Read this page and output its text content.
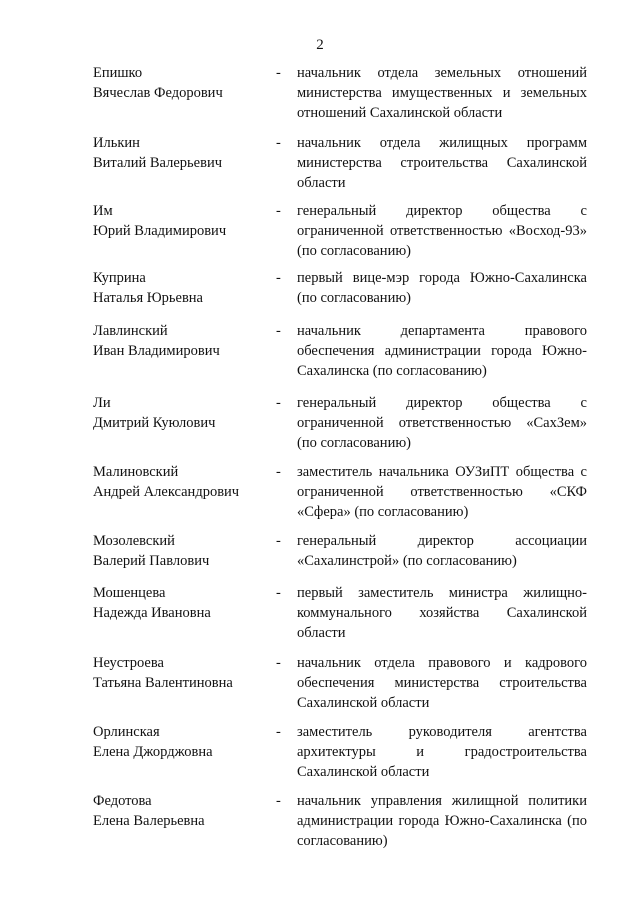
2
Епишко
Вячеслав Федорович
- начальник отдела земельных отношений министерства имущественных и земельных отношений Сахалинской области
Илькин
Виталий Валерьевич
- начальник отдела жилищных программ министерства строительства Сахалинской области
Им
Юрий Владимирович
- генеральный директор общества с ограниченной ответственностью «Восход-93» (по согласованию)
Куприна
Наталья Юрьевна
- первый вице-мэр города Южно-Сахалинска (по согласованию)
Лавлинский
Иван Владимирович
- начальник департамента правового обеспечения администрации города Южно-Сахалинска (по согласованию)
Ли
Дмитрий Куюлович
- генеральный директор общества с ограниченной ответственностью «СахЗем» (по согласованию)
Малиновский
Андрей Александрович
- заместитель начальника ОУЗиПТ общества с ограниченной ответственностью «СКФ «Сфера» (по согласованию)
Мозолевский
Валерий Павлович
- генеральный директор ассоциации «Сахалинстрой» (по согласованию)
Мошенцева
Надежда Ивановна
- первый заместитель министра жилищно-коммунального хозяйства Сахалинской области
Неустроева
Татьяна Валентиновна
- начальник отдела правового и кадрового обеспечения министерства строительства Сахалинской области
Орлинская
Елена Джорджовна
- заместитель руководителя агентства архитектуры и градостроительства Сахалинской области
Федотова
Елена Валерьевна
- начальник управления жилищной политики администрации города Южно-Сахалинска (по согласованию)
